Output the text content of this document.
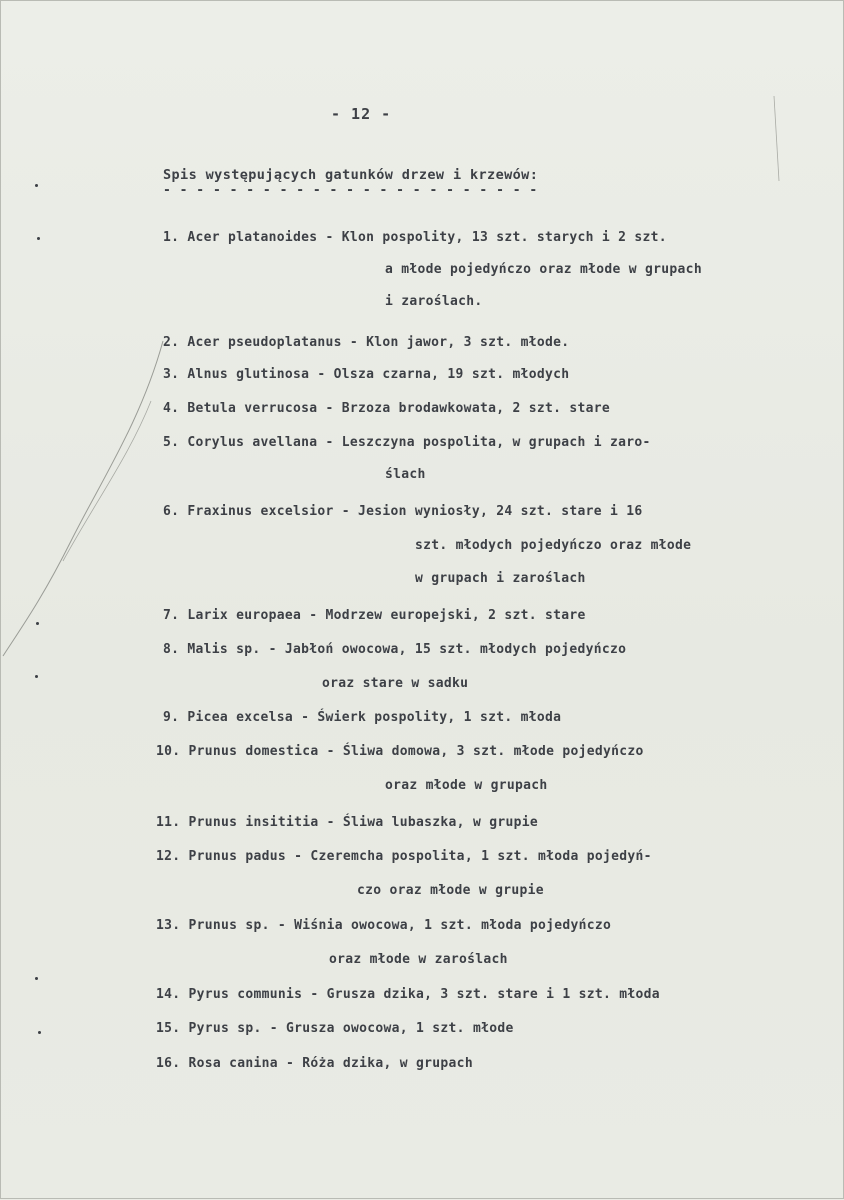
- 12 -
Spis występujących gatunków drzew i krzewów:
- - - - - - - - - - - - - - - - - - - - - - -
1. Acer platanoides - Klon pospolity, 13 szt. starych i 2 szt.
a młode pojedyńczo oraz młode w grupach
i zaroślach.
2. Acer pseudoplatanus - Klon jawor, 3 szt. młode.
3. Alnus glutinosa - Olsza czarna, 19 szt. młodych
4. Betula verrucosa - Brzoza brodawkowata, 2 szt. stare
5. Corylus avellana - Leszczyna pospolita, w grupach i zaro-
ślach
6. Fraxinus excelsior - Jesion wyniosły, 24 szt. stare i 16
szt. młodych pojedyńczo oraz młode
w grupach i zaroślach
7. Larix europaea - Modrzew europejski, 2 szt. stare
8. Malis sp. - Jabłoń owocowa, 15 szt. młodych pojedyńczo
oraz stare w sadku
9. Picea excelsa - Świerk pospolity, 1 szt. młoda
10. Prunus domestica - Śliwa domowa, 3 szt. młode pojedyńczo
oraz młode w grupach
11. Prunus insititia - Śliwa lubaszka, w grupie
12. Prunus padus - Czeremcha pospolita, 1 szt. młoda pojedyń-
czo oraz młode w grupie
13. Prunus sp. - Wiśnia owocowa, 1 szt. młoda pojedyńczo
oraz młode w zaroślach
14. Pyrus communis - Grusza dzika, 3 szt. stare i 1 szt. młoda
15. Pyrus sp. - Grusza owocowa, 1 szt. młode
16. Rosa canina - Róża dzika, w grupach
